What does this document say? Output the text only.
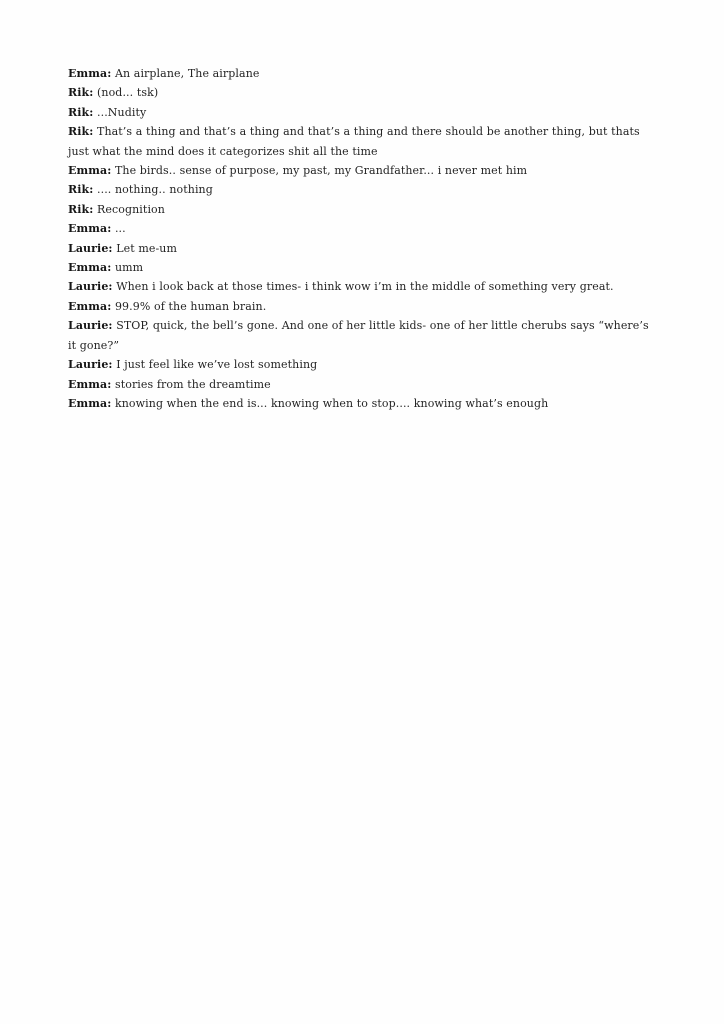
Emma: An airplane, The airplane

Rik: (nod... tsk)

Rik: ...Nudity

Rik: That’s a thing and that’s a thing and that’s a thing and there should be another thing, but thats just what the mind does it categorizes shit all the time

Emma: The birds.. sense of purpose, my past, my Grandfather... i never met him

Rik: .... nothing.. nothing

Rik: Recognition

Emma: ...

Laurie: Let me-um

Emma: umm

Laurie: When i look back at those times- i think wow i’m in the middle of something very great.

Emma: 99.9% of the human brain.

Laurie: STOP, quick, the bell’s gone. And one of her little kids- one of her little cherubs says “where’s it gone?”

Laurie: I just feel like we’ve lost something

Emma: stories from the dreamtime

Emma: knowing when the end is... knowing when to stop.... knowing what’s enough
